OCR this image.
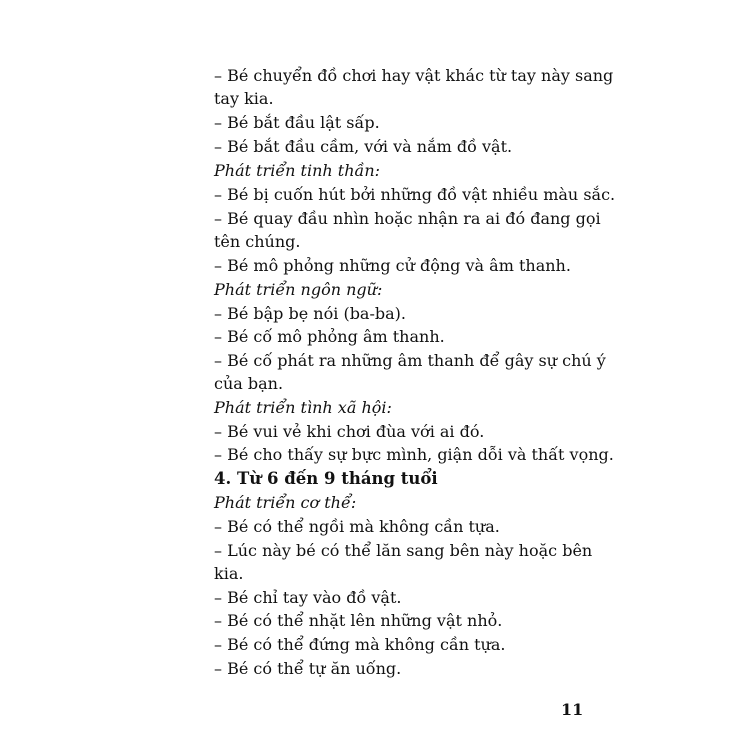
– Bé chuyển đồ chơi hay vật khác từ tay này sang
tay kia.
– Bé bắt đầu lật sấp.
– Bé bắt đầu cầm, với và nắm đồ vật.
Phát triển tinh thần:
– Bé bị cuốn hút bởi những đồ vật nhiều màu sắc.
– Bé quay đầu nhìn hoặc nhận ra ai đó đang gọi
tên chúng.
– Bé mô phỏng những cử động và âm thanh.
Phát triển ngôn ngữ:
– Bé bập bẹ nói (ba-ba).
– Bé cố mô phỏng âm thanh.
– Bé cố phát ra những âm thanh để gây sự chú ý
của bạn.
Phát triển tình xã hội:
– Bé vui vẻ khi chơi đùa với ai đó.
– Bé cho thấy sự bực mình, giận dỗi và thất vọng.
4. Từ 6 đến 9 tháng tuổi
Phát triển cơ thể:
– Bé có thể ngồi mà không cần tựa.
– Lúc này bé có thể lăn sang bên này hoặc bên
kia.
– Bé chỉ tay vào đồ vật.
– Bé có thể nhặt lên những vật nhỏ.
– Bé có thể đứng mà không cần tựa.
– Bé có thể tự ăn uống.
11
